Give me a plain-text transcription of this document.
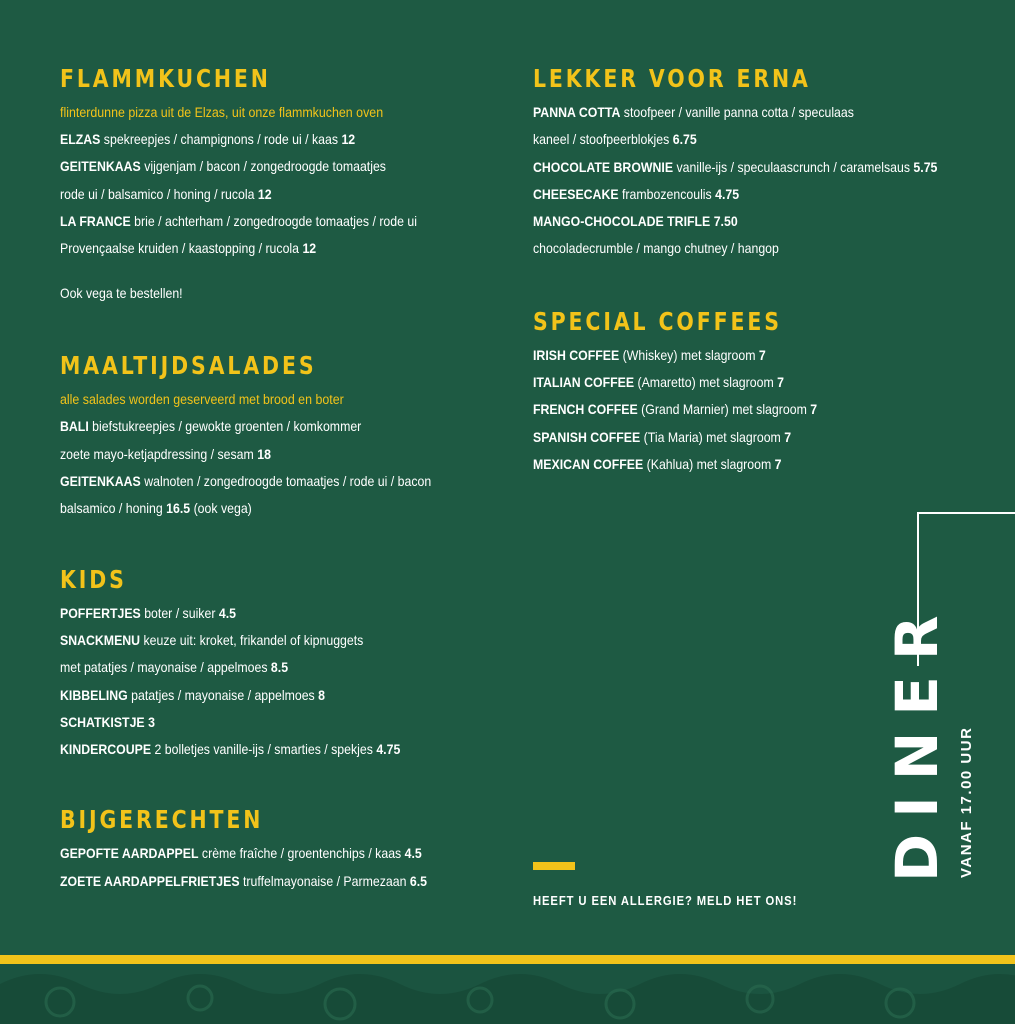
FLAMMKUCHEN
flinterdunne pizza uit de Elzas, uit onze flammkuchen oven
ELZAS spekreepjes / champignons / rode ui / kaas 12
GEITENKAAS vijgenjam / bacon / zongedroogde tomaatjes
rode ui / balsamico / honing / rucola 12
LA FRANCE brie / achterham / zongedroogde tomaatjes / rode ui
Provençaalse kruiden / kaastopping / rucola 12
Ook vega te bestellen!
MAALTIJDSALADES
alle salades worden geserveerd met brood en boter
BALI biefstukreepjes / gewokte groenten / komkommer
zoete mayo-ketjapdressing / sesam 18
GEITENKAAS walnoten / zongedroogde tomaatjes / rode ui / bacon
balsamico / honing 16.5 (ook vega)
KIDS
POFFERTJES boter / suiker 4.5
SNACKMENU keuze uit: kroket, frikandel of kipnuggets
met patatjes / mayonaise / appelmoes 8.5
KIBBELING patatjes / mayonaise / appelmoes 8
SCHATKISTJE 3
KINDERCOUPE 2 bolletjes vanille-ijs / smarties / spekjes 4.75
BIJGERECHTEN
GEPOFTE AARDAPPEL crème fraîche / groentenchips / kaas 4.5
ZOETE AARDAPPELFRIETJES truffelmayonaise / Parmezaan 6.5
LEKKER VOOR ERNA
PANNA COTTA stoofpeer / vanille panna cotta / speculaas
kaneel / stoofpeerblokjes 6.75
CHOCOLATE BROWNIE vanille-ijs / speculaascrunch / caramelsaus 5.75
CHEESECAKE frambozencoulis 4.75
MANGO-CHOCOLADE TRIFLE 7.50
chocoladecrumble / mango chutney / hangop
SPECIAL COFFEES
IRISH COFFEE (Whiskey) met slagroom 7
ITALIAN COFFEE (Amaretto) met slagroom 7
FRENCH COFFEE (Grand Marnier) met slagroom 7
SPANISH COFFEE (Tia Maria) met slagroom 7
MEXICAN COFFEE (Kahlua) met slagroom 7
HEEFT U EEN ALLERGIE? MELD HET ONS!
DINER VANAF 17.00 UUR
